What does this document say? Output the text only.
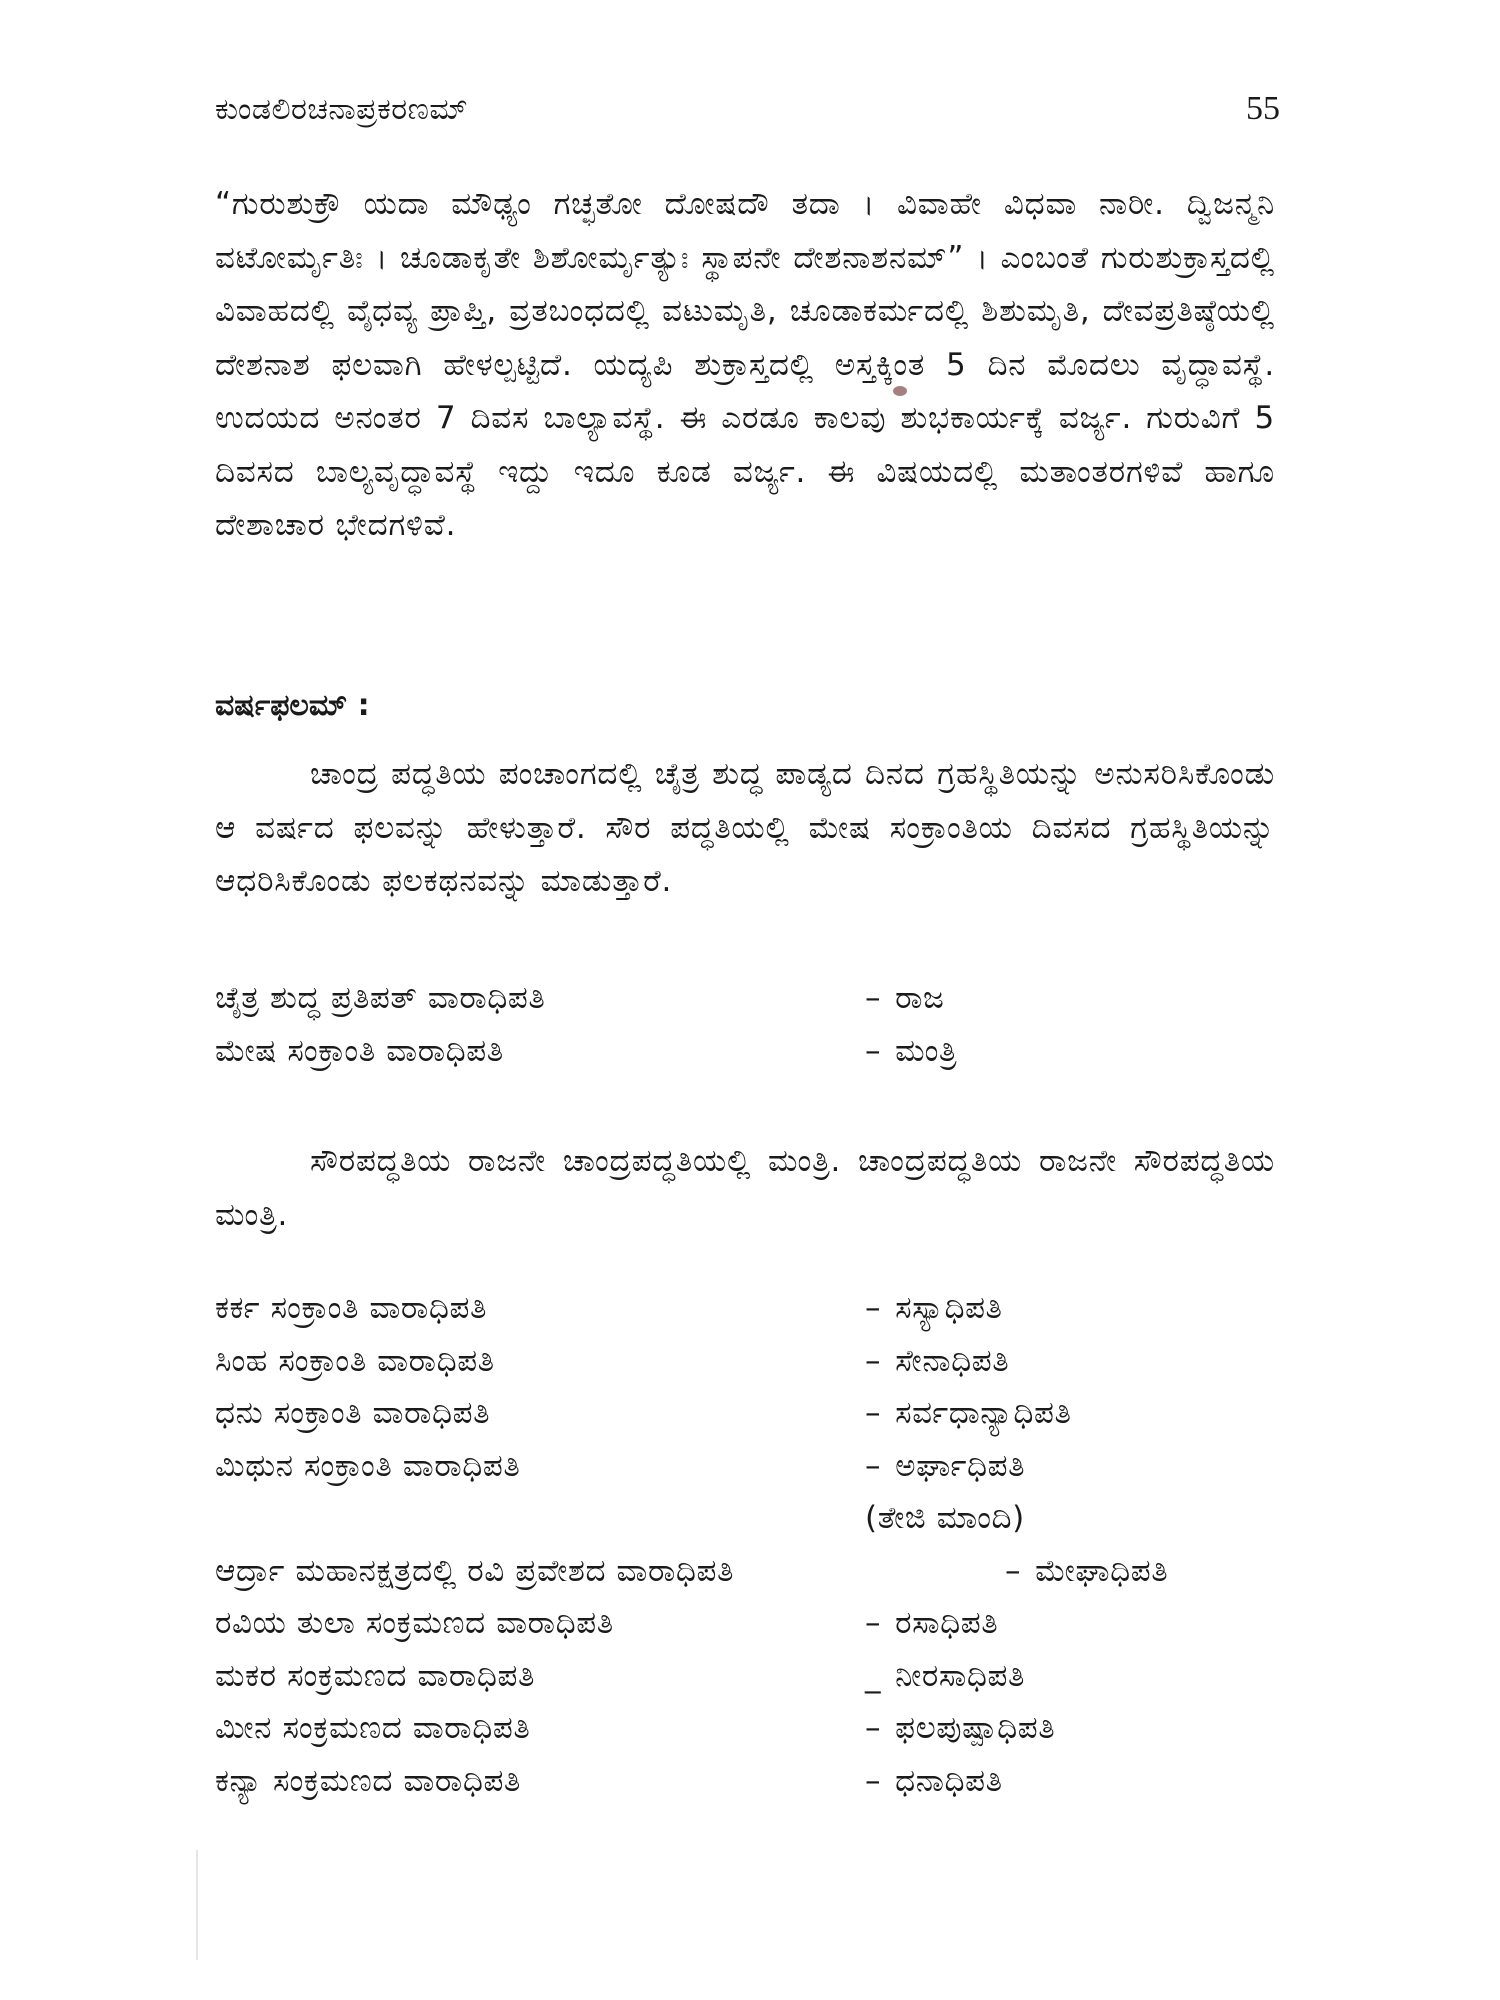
ಕುಂಡಲಿರಚನಾಪ್ರಕರಣಮ್	55
“ಗುರುಶುಕ್ರೌ ಯದಾ ಮೌಢ್ಯಂ ಗಚ್ಛತೋ ದೋಷದೌ ತದಾ । ವಿವಾಹೇ ವಿಧವಾ ನಾರೀ. ದ್ವಿಜನ್ಮನಿ ವಟೋರ್ಮೃತಿಃ । ಚೂಡಾಕೃತೇ ಶಿಶೋರ್ಮೃತ್ಯುಃ ಸ್ಥಾಪನೇ ದೇಶನಾಶನಮ್” । ಎಂಬಂತೆ ಗುರುಶುಕ್ರಾಸ್ತದಲ್ಲಿ ವಿವಾಹದಲ್ಲಿ ವೈಧವ್ಯ ಪ್ರಾಪ್ತಿ, ವ್ರತಬಂಧದಲ್ಲಿ ವಟುಮೃತಿ, ಚೂಡಾಕರ್ಮದಲ್ಲಿ ಶಿಶುಮೃತಿ, ದೇವಪ್ರತಿಷ್ಠೆಯಲ್ಲಿ ದೇಶನಾಶ ಫಲವಾಗಿ ಹೇಳಲ್ಪಟ್ಟಿದೆ. ಯದ್ಯಪಿ ಶುಕ್ರಾಸ್ತದಲ್ಲಿ ಅಸ್ತಕ್ಕಿಂತ 5 ದಿನ ಮೊದಲು ವೃದ್ಧಾವಸ್ಥೆ. ಉದಯದ ಅನಂತರ 7 ದಿವಸ ಬಾಲ್ಯಾವಸ್ಥೆ. ಈ ಎರಡೂ ಕಾಲವು ಶುಭಕಾರ್ಯಕ್ಕೆ ವರ್ಜ್ಯ. ಗುರುವಿಗೆ 5 ದಿವಸದ ಬಾಲ್ಯವೃದ್ಧಾವಸ್ಥೆ ಇದ್ದು ಇದೂ ಕೂಡ ವರ್ಜ್ಯ. ಈ ವಿಷಯದಲ್ಲಿ ಮತಾಂತರಗಳಿವೆ ಹಾಗೂ ದೇಶಾಚಾರ ಭೇದಗಳಿವೆ.
ವರ್ಷಫಲಮ್ :
ಚಾಂದ್ರ ಪದ್ಧತಿಯ ಪಂಚಾಂಗದಲ್ಲಿ ಚೈತ್ರ ಶುದ್ಧ ಪಾಡ್ಯದ ದಿನದ ಗ್ರಹಸ್ಥಿತಿಯನ್ನು ಅನುಸರಿಸಿಕೊಂಡು ಆ ವರ್ಷದ ಫಲವನ್ನು ಹೇಳುತ್ತಾರೆ. ಸೌರ ಪದ್ಧತಿಯಲ್ಲಿ ಮೇಷ ಸಂಕ್ರಾಂತಿಯ ದಿವಸದ ಗ್ರಹಸ್ಥಿತಿಯನ್ನು ಆಧರಿಸಿಕೊಂಡು ಫಲಕಥನವನ್ನು ಮಾಡುತ್ತಾರೆ.
ಚೈತ್ರ ಶುದ್ಧ ಪ್ರತಿಪತ್ ವಾರಾಧಿಪತಿ	– ರಾಜ
ಮೇಷ ಸಂಕ್ರಾಂತಿ ವಾರಾಧಿಪತಿ	– ಮಂತ್ರಿ
ಸೌರಪದ್ಧತಿಯ ರಾಜನೇ ಚಾಂದ್ರಪದ್ಧತಿಯಲ್ಲಿ ಮಂತ್ರಿ. ಚಾಂದ್ರಪದ್ಧತಿಯ ರಾಜನೇ ಸೌರಪದ್ಧತಿಯ ಮಂತ್ರಿ.
ಕರ್ಕ ಸಂಕ್ರಾಂತಿ ವಾರಾಧಿಪತಿ	– ಸಸ್ಯಾಧಿಪತಿ
ಸಿಂಹ ಸಂಕ್ರಾಂತಿ ವಾರಾಧಿಪತಿ	– ಸೇನಾಧಿಪತಿ
ಧನು ಸಂಕ್ರಾಂತಿ ವಾರಾಧಿಪತಿ	– ಸರ್ವಧಾನ್ಯಾಧಿಪತಿ
ಮಿಥುನ ಸಂಕ್ರಾಂತಿ ವಾರಾಧಿಪತಿ	– ಅರ್ಘಾಧಿಪತಿ
(ತೇಜಿ ಮಾಂದಿ)
ಆರ್ದ್ರಾ ಮಹಾನಕ್ಷತ್ರದಲ್ಲಿ ರವಿ ಪ್ರವೇಶದ ವಾರಾಧಿಪತಿ	– ಮೇಘಾಧಿಪತಿ
ರವಿಯ ತುಲಾ ಸಂಕ್ರಮಣದ ವಾರಾಧಿಪತಿ	– ರಸಾಧಿಪತಿ
ಮಕರ ಸಂಕ್ರಮಣದ ವಾರಾಧಿಪತಿ	_ ನೀರಸಾಧಿಪತಿ
ಮೀನ ಸಂಕ್ರಮಣದ ವಾರಾಧಿಪತಿ	– ಫಲಪುಷ್ಪಾಧಿಪತಿ
ಕನ್ಯಾ ಸಂಕ್ರಮಣದ ವಾರಾಧಿಪತಿ	– ಧನಾಧಿಪತಿ
